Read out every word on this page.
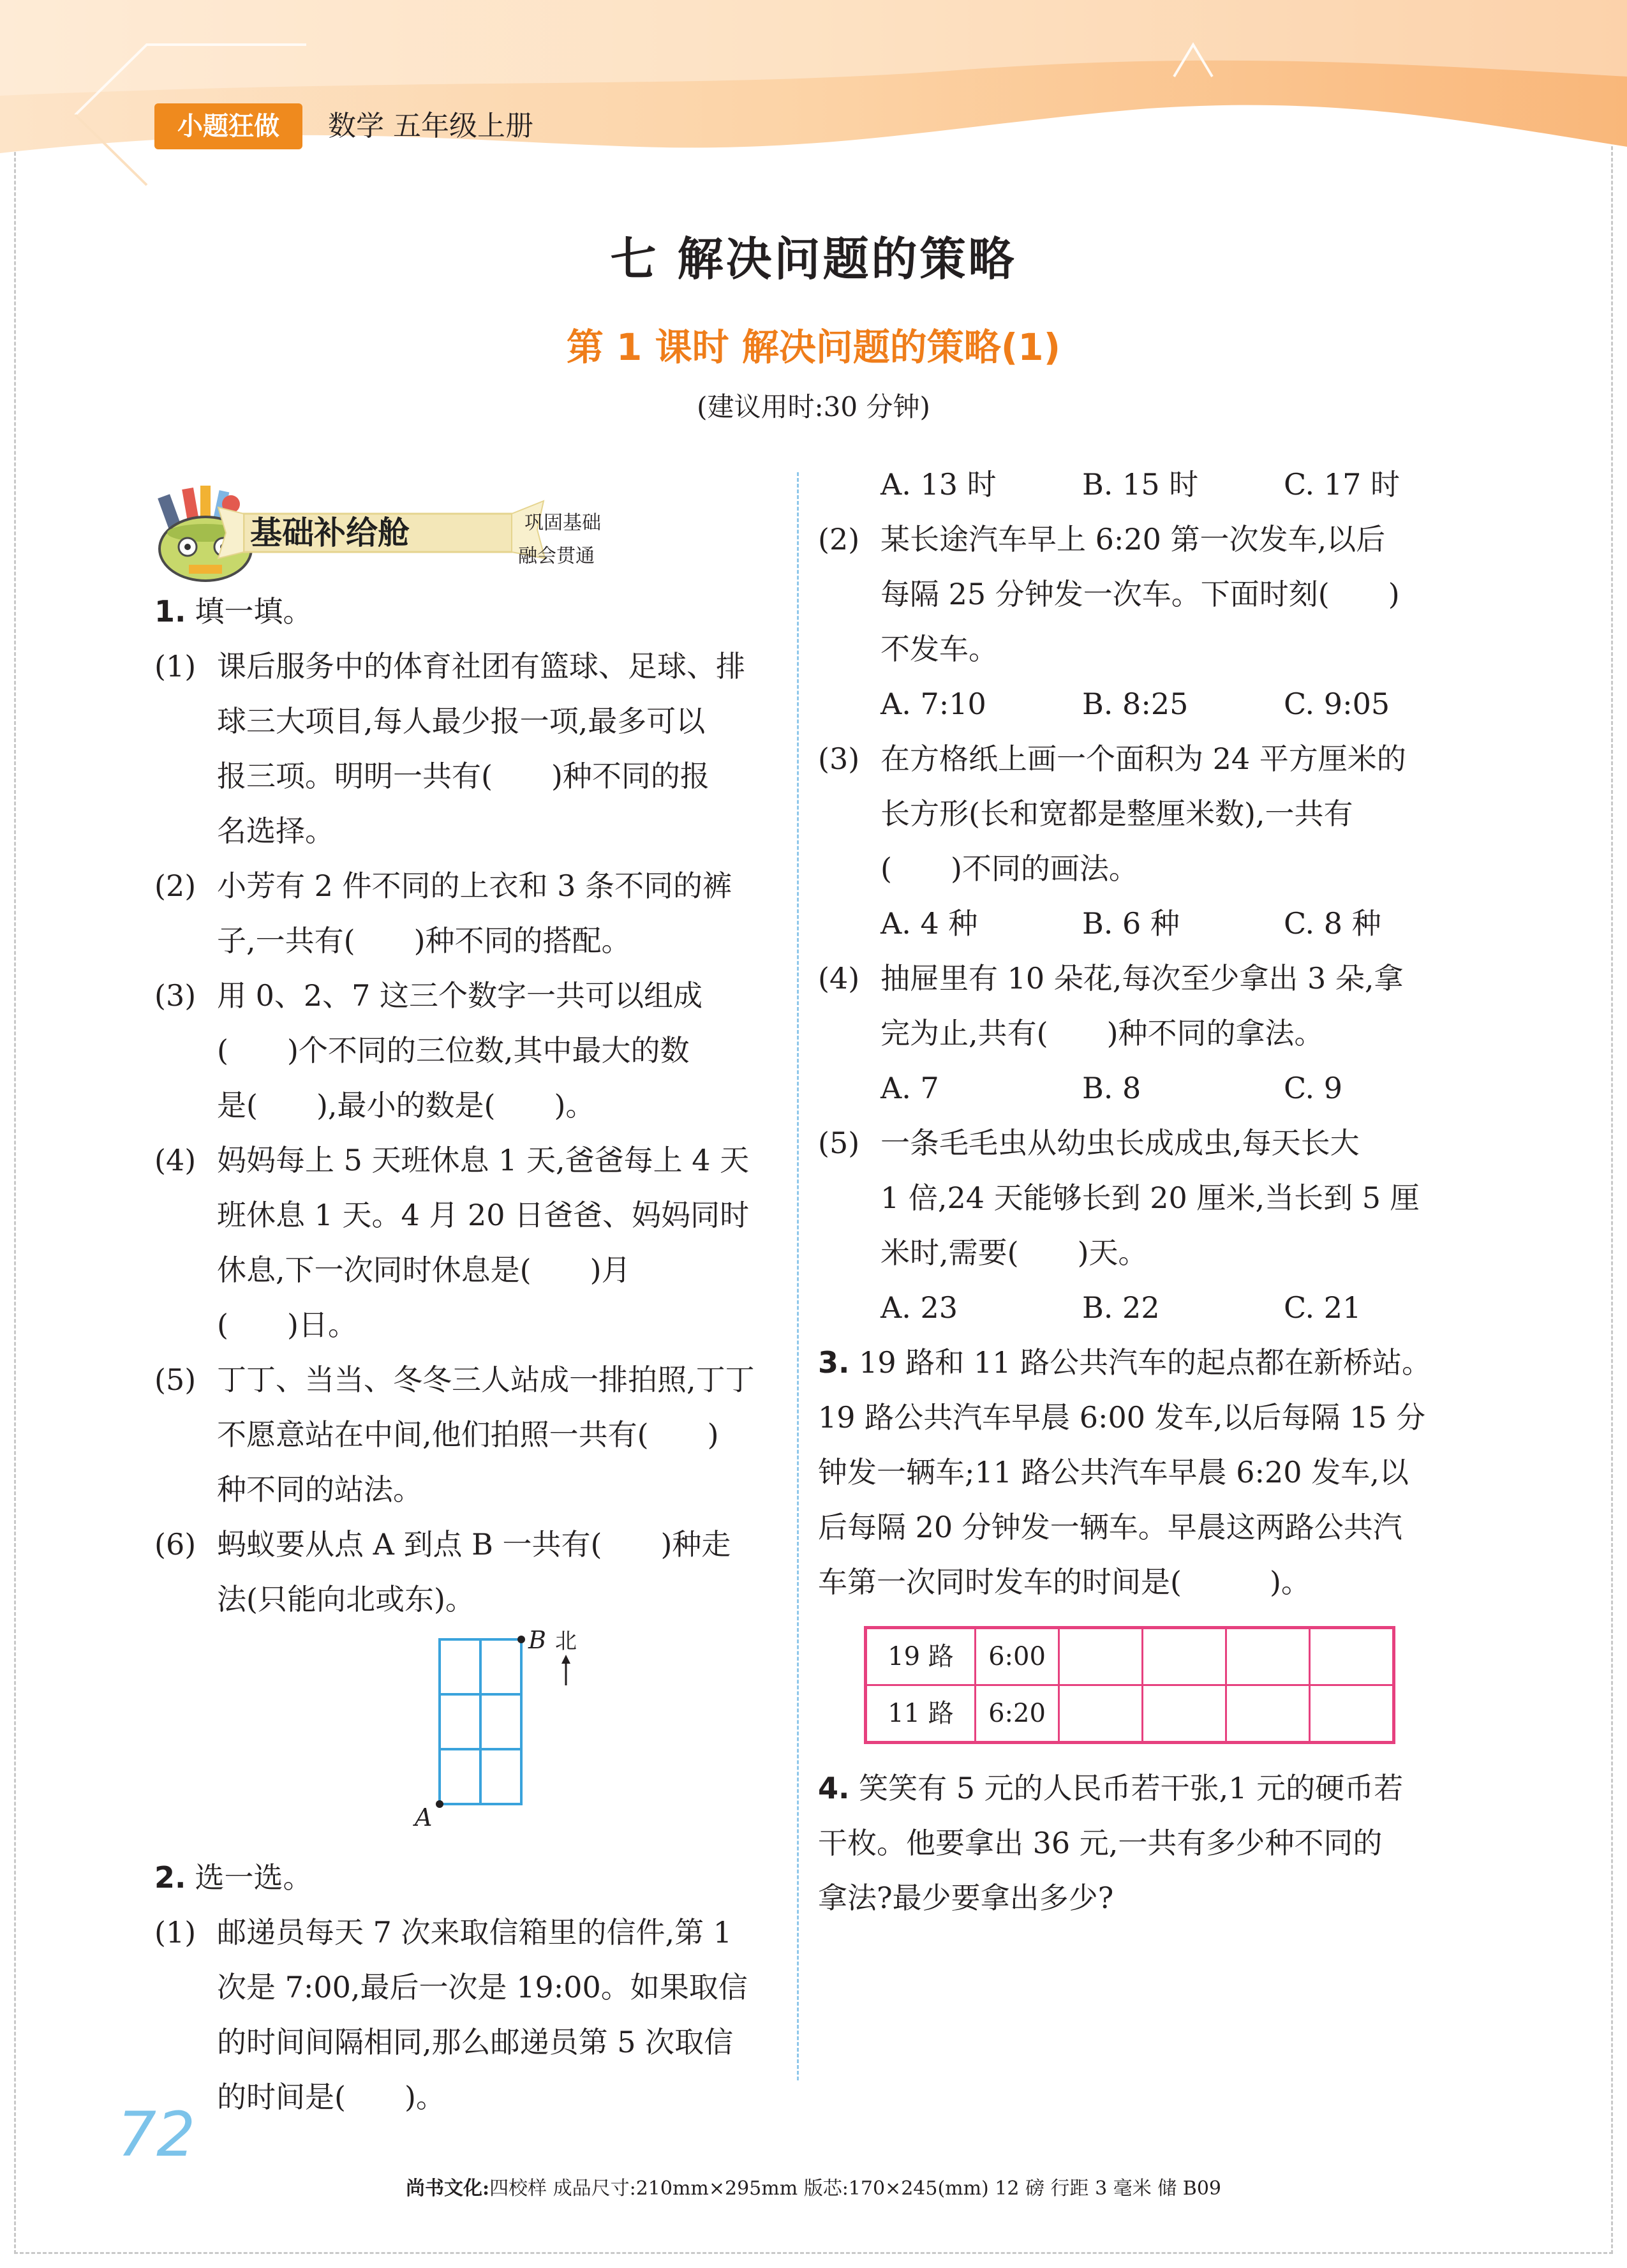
小题狂做	数学 五年级上册
七 解决问题的策略
第 1 课时 解决问题的策略(1)
(建议用时:30 分钟)
基础补给舱	巩固基础
融会贯通
1. 填一填。
(1) 课后服务中的体育社团有篮球、足球、排
球三大项目,每人最少报一项,最多可以
报三项。明明一共有(　　)种不同的报
名选择。
(2) 小芳有 2 件不同的上衣和 3 条不同的裤
子,一共有(　　)种不同的搭配。
(3) 用 0、2、7 这三个数字一共可以组成
(　　)个不同的三位数,其中最大的数
是(　　),最小的数是(　　)。
(4) 妈妈每上 5 天班休息 1 天,爸爸每上 4 天
班休息 1 天。4 月 20 日爸爸、妈妈同时
休息,下一次同时休息是(　　)月
(　　)日。
(5) 丁丁、当当、冬冬三人站成一排拍照,丁丁
不愿意站在中间,他们拍照一共有(　　)
种不同的站法。
(6) 蚂蚁要从点 A 到点 B 一共有(　　)种走
法(只能向北或东)。
A
B 北
2. 选一选。
(1) 邮递员每天 7 次来取信箱里的信件,第 1
次是 7:00,最后一次是 19:00。如果取信
的时间间隔相同,那么邮递员第 5 次取信
的时间是(　　)。
A. 13 时	B. 15 时	C. 17 时
(2) 某长途汽车早上 6:20 第一次发车,以后
每隔 25 分钟发一次车。下面时刻(　　)
不发车。
A. 7:10	B. 8:25	C. 9:05
(3) 在方格纸上画一个面积为 24 平方厘米的
长方形(长和宽都是整厘米数),一共有
(　　)不同的画法。
A. 4 种	B. 6 种	C. 8 种
(4) 抽屉里有 10 朵花,每次至少拿出 3 朵,拿
完为止,共有(　　)种不同的拿法。
A. 7	B. 8	C. 9
(5) 一条毛毛虫从幼虫长成成虫,每天长大
1 倍,24 天能够长到 20 厘米,当长到 5 厘
米时,需要(　　)天。
A. 23	B. 22	C. 21
3. 19 路和 11 路公共汽车的起点都在新桥站。
19 路公共汽车早晨 6:00 发车,以后每隔 15 分
钟发一辆车;11 路公共汽车早晨 6:20 发车,以
后每隔 20 分钟发一辆车。早晨这两路公共汽
车第一次同时发车的时间是(　　　)。
19 路	6:00				
11 路	6:20				
4. 笑笑有 5 元的人民币若干张,1 元的硬币若
干枚。他要拿出 36 元,一共有多少种不同的
拿法?最少要拿出多少?
72
尚书文化:四校样 成品尺寸:210mm×295mm 版芯:170×245(mm) 12 磅 行距 3 毫米 储 B09
